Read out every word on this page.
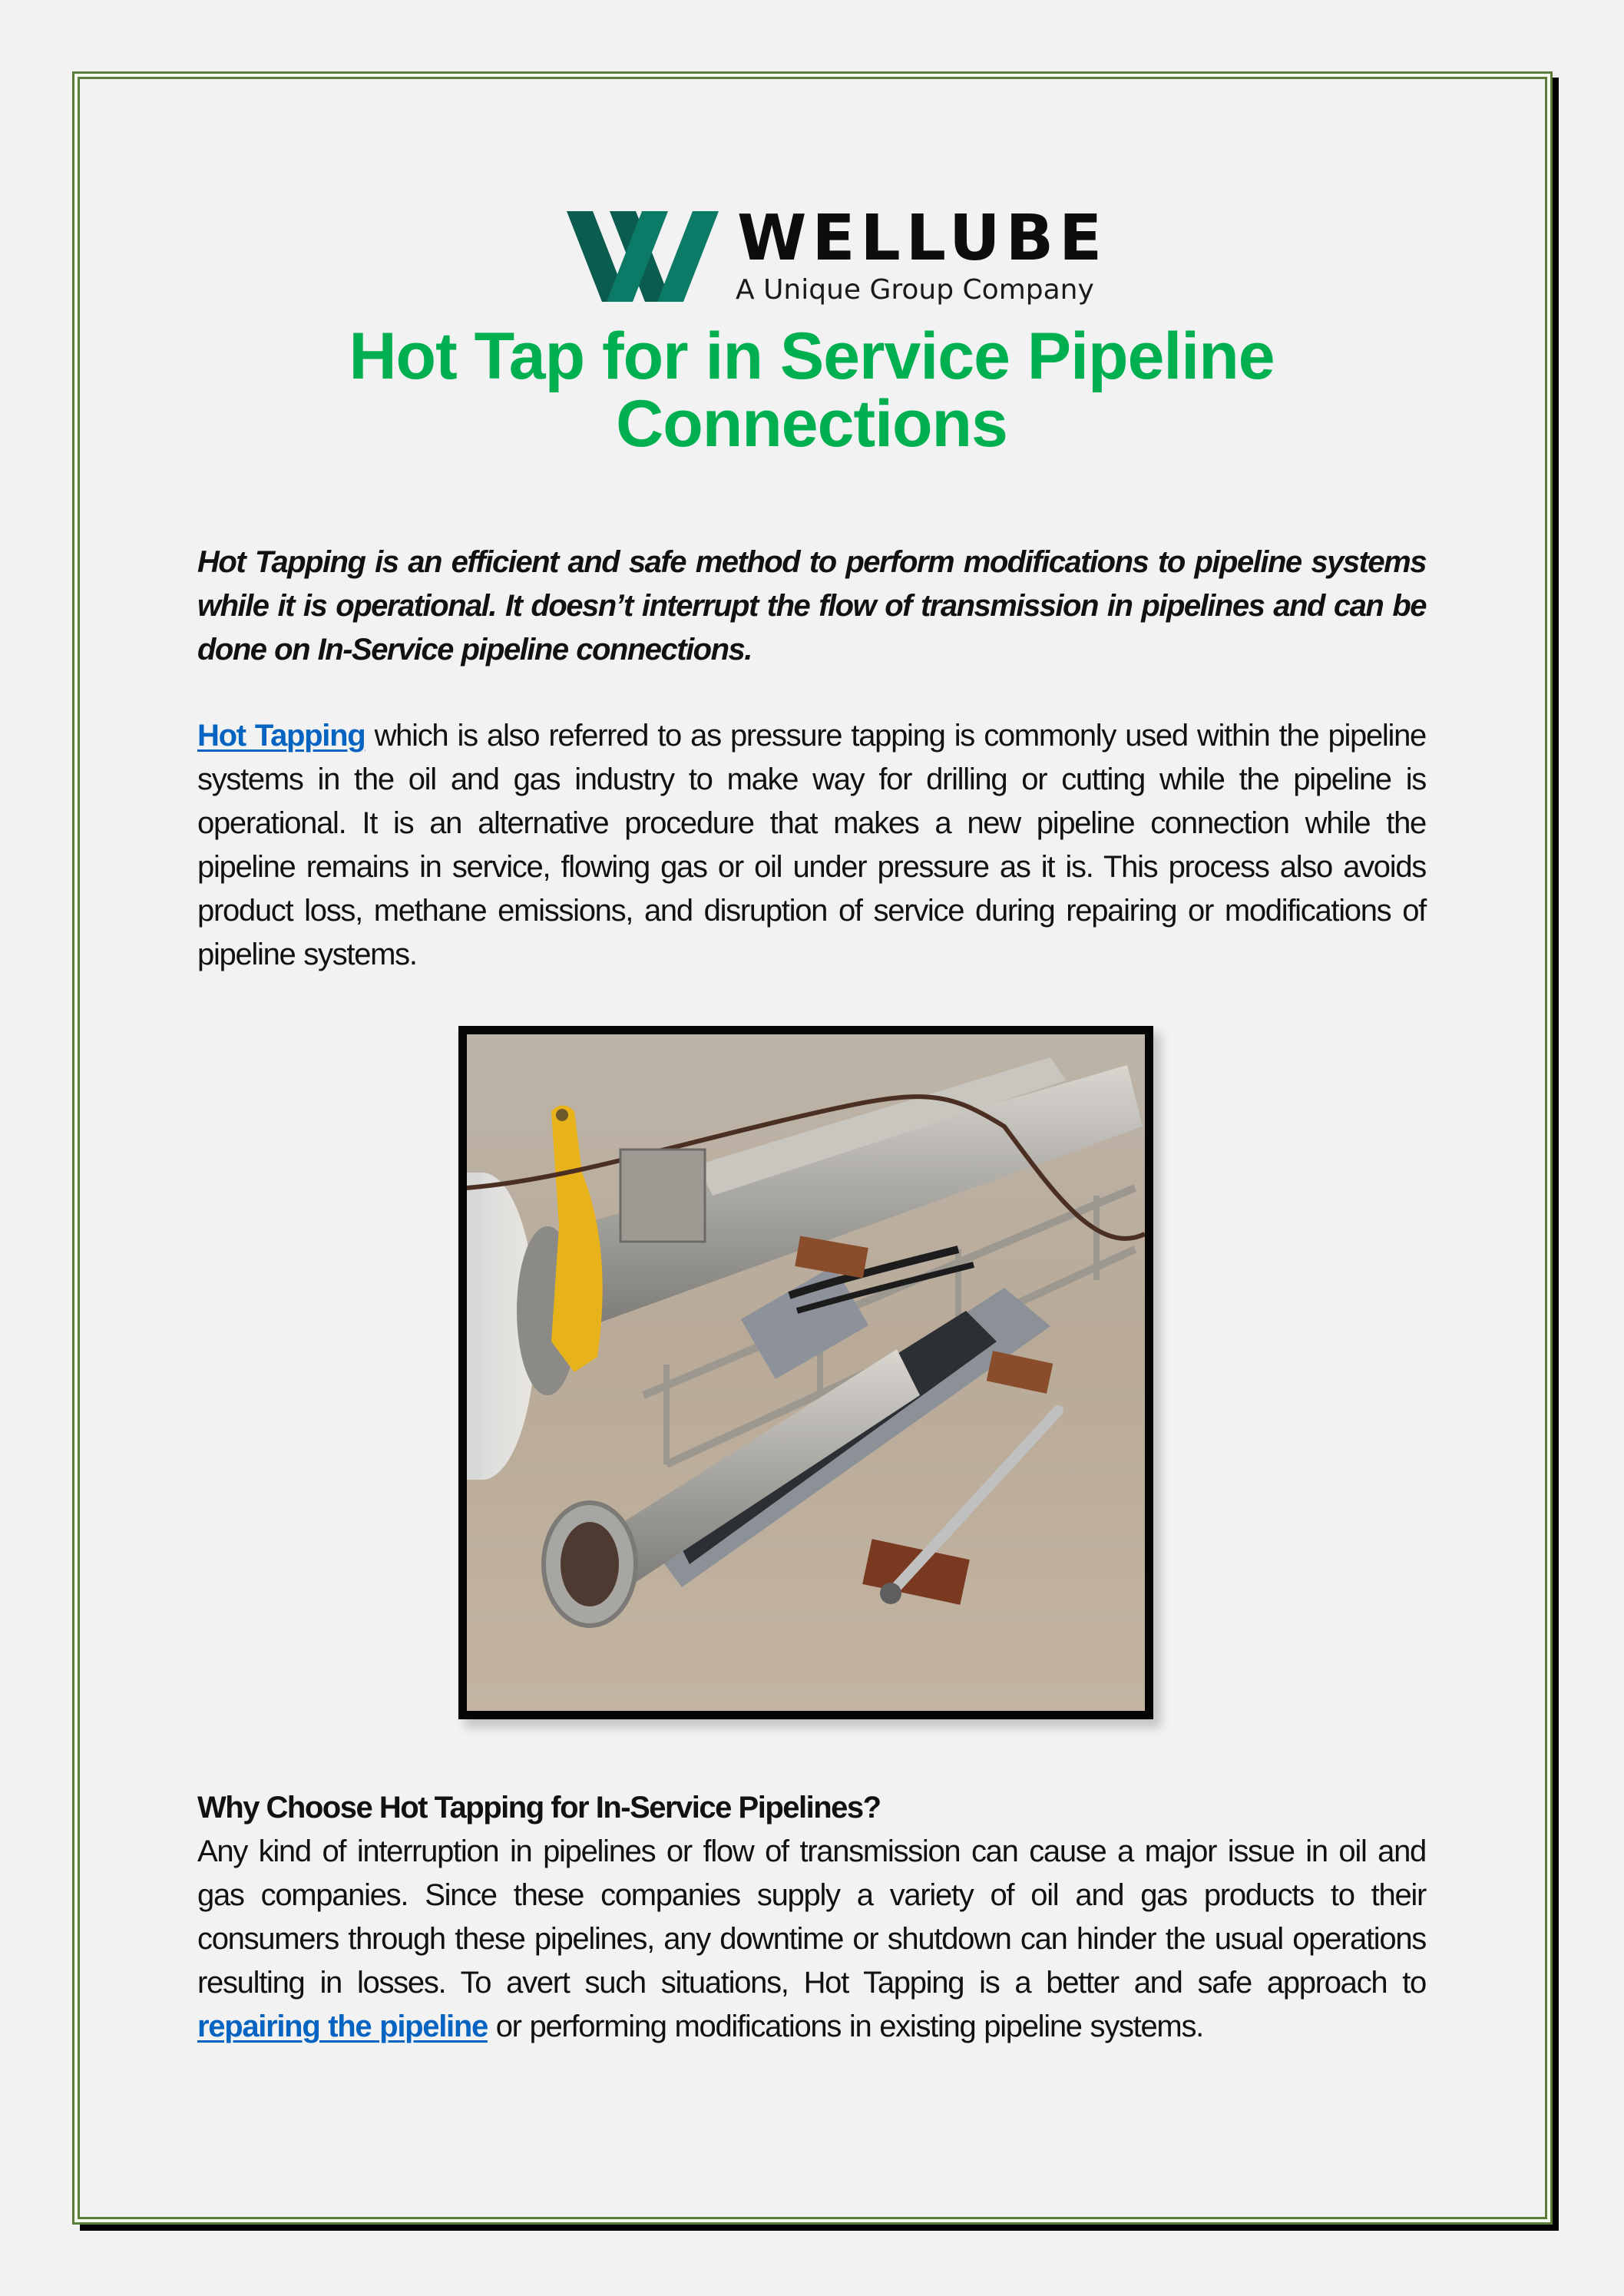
WELLUBE
A Unique Group Company
Hot Tap for in Service Pipeline
Connections

Hot Tapping is an efficient and safe method to perform modifications to pipeline systems while it is operational. It doesn’t interrupt the flow of transmission in pipelines and can be done on In-Service pipeline connections.

Hot Tapping which is also referred to as pressure tapping is commonly used within the pipeline systems in the oil and gas industry to make way for drilling or cutting while the pipeline is operational. It is an alternative procedure that makes a new pipeline connection while the pipeline remains in service, flowing gas or oil under pressure as it is. This process also avoids product loss, methane emissions, and disruption of service during repairing or modifications of pipeline systems.

Why Choose Hot Tapping for In-Service Pipelines?

Any kind of interruption in pipelines or flow of transmission can cause a major issue in oil and gas companies. Since these companies supply a variety of oil and gas products to their consumers through these pipelines, any downtime or shutdown can hinder the usual operations resulting in losses. To avert such situations, Hot Tapping is a better and safe approach to repairing the pipeline or performing modifications in existing pipeline systems.
